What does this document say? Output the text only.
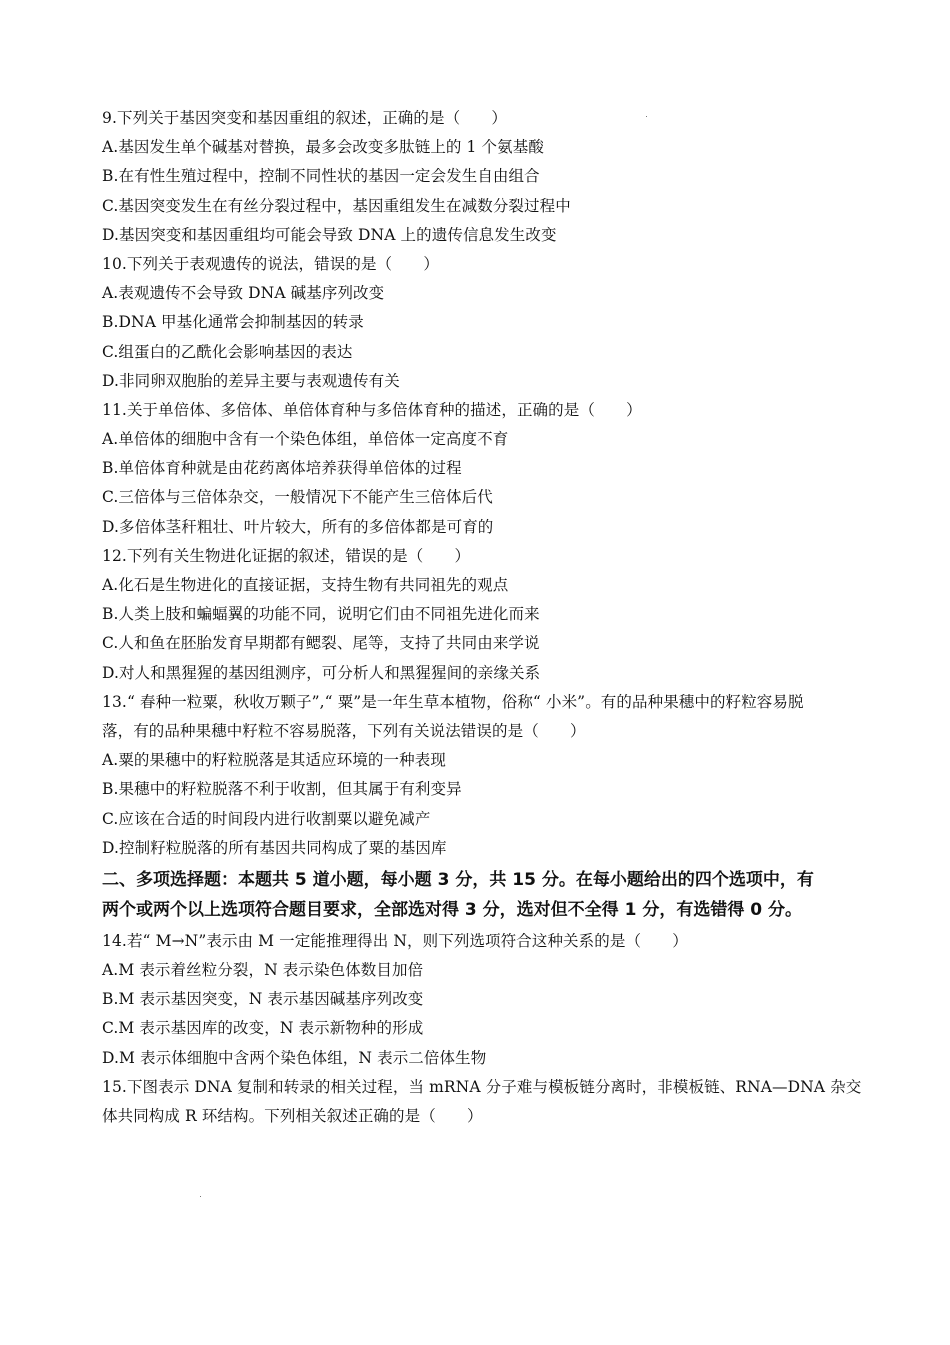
9.下列关于基因突变和基因重组的叙述，正确的是（　　）
A.基因发生单个碱基对替换，最多会改变多肽链上的 1 个氨基酸
B.在有性生殖过程中，控制不同性状的基因一定会发生自由组合
C.基因突变发生在有丝分裂过程中，基因重组发生在减数分裂过程中
D.基因突变和基因重组均可能会导致 DNA 上的遗传信息发生改变
10.下列关于表观遗传的说法，错误的是（　　）
A.表观遗传不会导致 DNA 碱基序列改变
B.DNA 甲基化通常会抑制基因的转录
C.组蛋白的乙酰化会影响基因的表达
D.非同卵双胞胎的差异主要与表观遗传有关
11.关于单倍体、多倍体、单倍体育种与多倍体育种的描述，正确的是（　　）
A.单倍体的细胞中含有一个染色体组，单倍体一定高度不育
B.单倍体育种就是由花药离体培养获得单倍体的过程
C.三倍体与三倍体杂交，一般情况下不能产生三倍体后代
D.多倍体茎秆粗壮、叶片较大，所有的多倍体都是可育的
12.下列有关生物进化证据的叙述，错误的是（　　）
A.化石是生物进化的直接证据，支持生物有共同祖先的观点
B.人类上肢和蝙蝠翼的功能不同，说明它们由不同祖先进化而来
C.人和鱼在胚胎发育早期都有鳃裂、尾等，支持了共同由来学说
D.对人和黑猩猩的基因组测序，可分析人和黑猩猩间的亲缘关系
13.“ 春种一粒粟，秋收万颗子”,“ 粟”是一年生草本植物，俗称“ 小米”。有的品种果穗中的籽粒容易脱
落，有的品种果穗中籽粒不容易脱落，下列有关说法错误的是（　　）
A.粟的果穗中的籽粒脱落是其适应环境的一种表现
B.果穗中的籽粒脱落不利于收割，但其属于有利变异
C.应该在合适的时间段内进行收割粟以避免减产
D.控制籽粒脱落的所有基因共同构成了粟的基因库
二、多项选择题：本题共 5 道小题，每小题 3 分，共 15 分。在每小题给出的四个选项中，有
两个或两个以上选项符合题目要求，全部选对得 3 分，选对但不全得 1 分，有选错得 0 分。
14.若“ M→N”表示由 M 一定能推理得出 N，则下列选项符合这种关系的是（　　）
A.M 表示着丝粒分裂，N 表示染色体数目加倍
B.M 表示基因突变，N 表示基因碱基序列改变
C.M 表示基因库的改变，N 表示新物种的形成
D.M 表示体细胞中含两个染色体组，N 表示二倍体生物
15.下图表示 DNA 复制和转录的相关过程，当 mRNA 分子难与模板链分离时，非模板链、RNA—DNA 杂交
体共同构成 R 环结构。下列相关叙述正确的是（　　）
